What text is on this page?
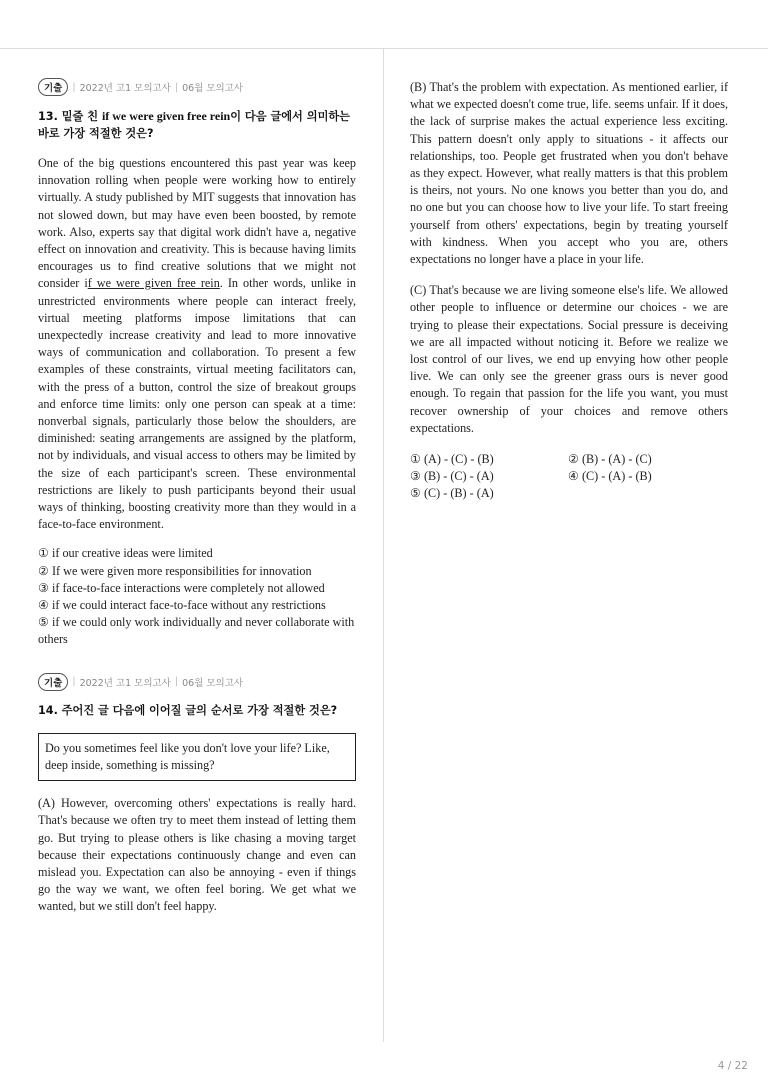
기출	| 2022년 고1 모의고사 | 06월 모의고사
13. 밑줄 친 if we were given free rein이 다음 글에서 의미하는 바로 가장 적절한 것은?

One of the big questions encountered this past year was keep innovation rolling when people were working how to entirely virtually. A study published by MIT suggests that innovation has not slowed down, but may have even been boosted, by remote work. Also, experts say that digital work didn't have a, negative effect on innovation and creativity. This is because having limits encourages us to find creative solutions that we might not consider if we were given free rein. In other words, unlike in unrestricted environments where people can interact freely, virtual meeting platforms impose limitations that can unexpectedly increase creativity and lead to more innovative ways of communication and collaboration. To present a few examples of these constraints, virtual meeting facilitators can, with the press of a button, control the size of breakout groups and enforce time limits: only one person can speak at a time: nonverbal signals, particularly those below the shoulders, are diminished: seating arrangements are assigned by the platform, not by individuals, and visual access to others may be limited by the size of each participant's screen. These environmental restrictions are likely to push participants beyond their usual ways of thinking, boosting creativity more than they would in a face-to-face environment.

① if our creative ideas were limited
② If we were given more responsibilities for innovation
③ if face-to-face interactions were completely not allowed
④ if we could interact face-to-face without any restrictions
⑤ if we could only work individually and never collaborate with others
기출	| 2022년 고1 모의고사 | 06월 모의고사
14. 주어진 글 다음에 이어질 글의 순서로 가장 적절한 것은?
Do you sometimes feel like you don't love your life? Like, deep inside, something is missing?

(A) However, overcoming others' expectations is really hard. That's because we often try to meet them instead of letting them go. But trying to please others is like chasing a moving target because their expectations continuously change and even can mislead you. Expectation can also be annoying - even if things go the way we want, we often feel boring. We get what we wanted, but we still don't feel happy.

(B) That's the problem with expectation. As mentioned earlier, if what we expected doesn't come true, life. seems unfair. If it does, the lack of surprise makes the actual experience less exciting. This pattern doesn't only apply to situations - it affects our relationships, too. People get frustrated when you don't behave as they expect. However, what really matters is that this problem is theirs, not yours. No one knows you better than you do, and no one but you can choose how to live your life. To start freeing yourself from others' expectations, begin by treating yourself with kindness. When you accept who you are, others expectations no longer have a place in your life.

(C) That's because we are living someone else's life. We allowed other people to influence or determine our choices - we are trying to please their expectations. Social pressure is deceiving we are all impacted without noticing it. Before we realize we lost control of our lives, we end up envying how other people live. We can only see the greener grass ours is never good enough. To regain that passion for the life you want, you must recover ownership of your choices and remove others expectations.

① (A) - (C) - (B)	② (B) - (A) - (C)
③ (B) - (C) - (A)	④ (C) - (A) - (B)
⑤ (C) - (B) - (A)
4 / 22
